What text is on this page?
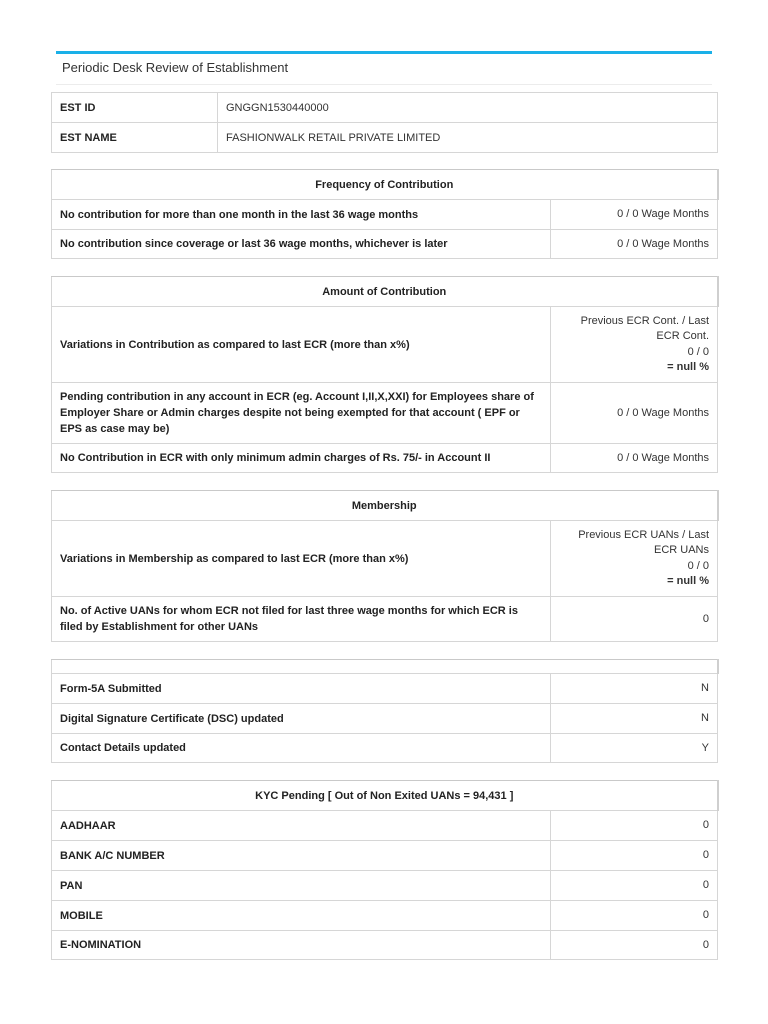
Periodic Desk Review of Establishment
EST ID	GNGGN1530440000
EST NAME	FASHIONWALK RETAIL PRIVATE LIMITED
Frequency of Contribution	
No contribution for more than one month in the last 36 wage months	0 / 0 Wage Months
No contribution since coverage or last 36 wage months, whichever is later	0 / 0 Wage Months
Amount of Contribution	
Variations in Contribution as compared to last ECR (more than x%)	Previous ECR Cont. / Last
ECR Cont.
0 / 0
= null %

Pending contribution in any account in ECR (eg. Account I,II,X,XXI) for Employees share of Employer Share or Admin charges despite not being exempted for that account ( EPF or EPS as case may be)	0 / 0 Wage Months
No Contribution in ECR with only minimum admin charges of Rs. 75/- in Account II	0 / 0 Wage Months
Membership	
Variations in Membership as compared to last ECR (more than x%)	Previous ECR UANs / Last
ECR UANs
0 / 0
= null %

No. of Active UANs for whom ECR not filed for last three wage months for which ECR is filed by Establishment for other UANs	0

Form-5A Submitted	N
Digital Signature Certificate (DSC) updated	N
Contact Details updated	Y
KYC Pending [ Out of Non Exited UANs = 94,431 ]	
AADHAAR	0
BANK A/C NUMBER	0
PAN	0
MOBILE	0
E-NOMINATION	0
